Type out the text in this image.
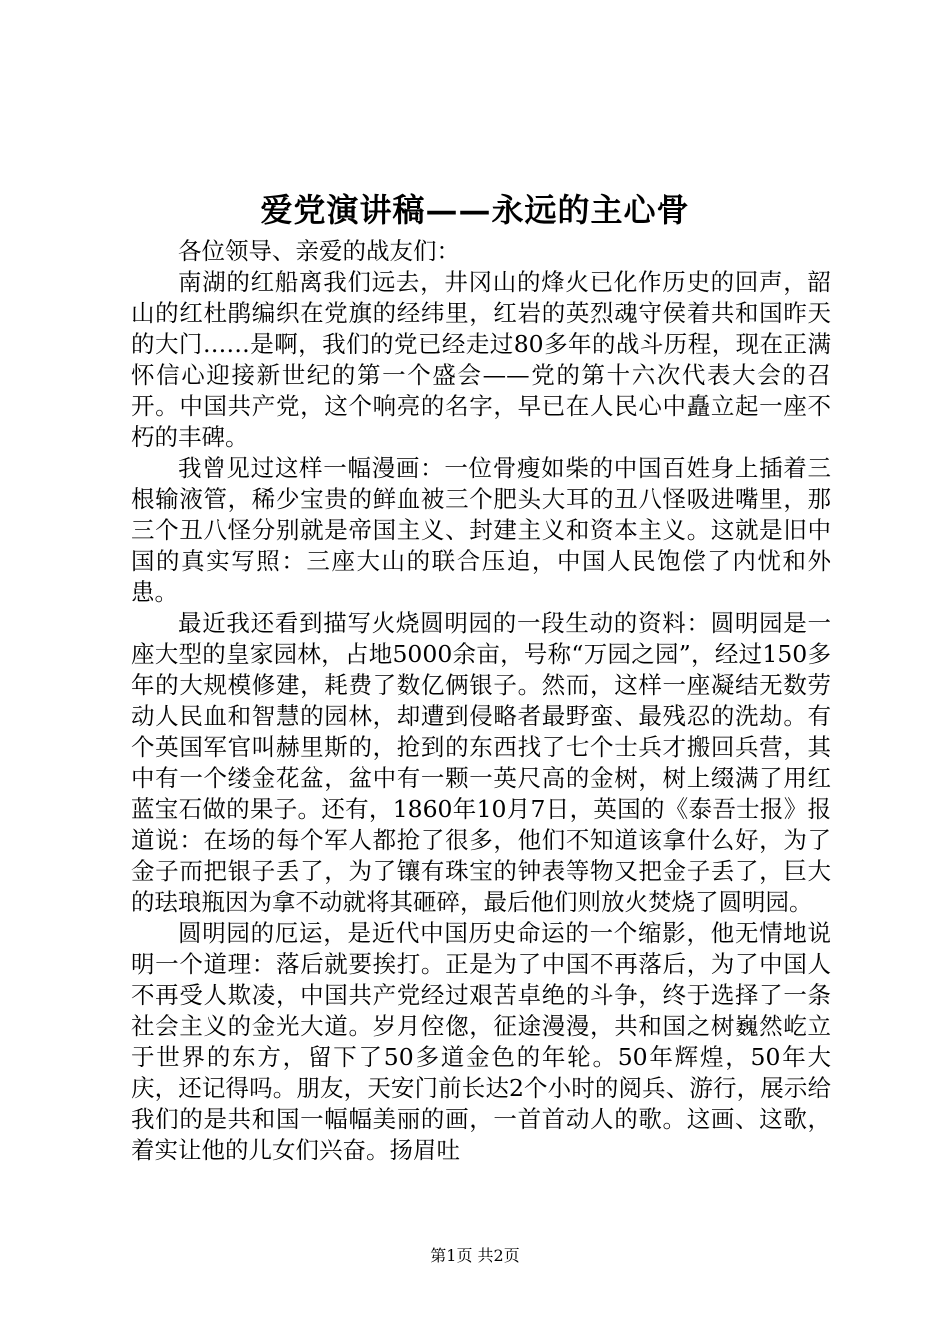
爱党演讲稿——永远的主心骨

各位领导、亲爱的战友们：

南湖的红船离我们远去，井冈山的烽火已化作历史的回声，韶山的红杜鹃编织在党旗的经纬里，红岩的英烈魂守侯着共和国昨天的大门……是啊，我们的党已经走过80多年的战斗历程，现在正满怀信心迎接新世纪的第一个盛会——党的第十六次代表大会的召开。中国共产党，这个响亮的名字，早已在人民心中矗立起一座不朽的丰碑。

我曾见过这样一幅漫画：一位骨瘦如柴的中国百姓身上插着三根输液管，稀少宝贵的鲜血被三个肥头大耳的丑八怪吸进嘴里，那三个丑八怪分别就是帝国主义、封建主义和资本主义。这就是旧中国的真实写照：三座大山的联合压迫，中国人民饱偿了内忧和外患。

最近我还看到描写火烧圆明园的一段生动的资料：圆明园是一座大型的皇家园林，占地5000余亩，号称“万园之园”，经过150多年的大规模修建，耗费了数亿俩银子。然而，这样一座凝结无数劳动人民血和智慧的园林，却遭到侵略者最野蛮、最残忍的洗劫。有个英国军官叫赫里斯的，抢到的东西找了七个士兵才搬回兵营，其中有一个缕金花盆，盆中有一颗一英尺高的金树，树上缀满了用红蓝宝石做的果子。还有，1860年10月7日，英国的《泰吾士报》报道说：在场的每个军人都抢了很多，他们不知道该拿什么好，为了金子而把银子丢了，为了镶有珠宝的钟表等物又把金子丢了，巨大的珐琅瓶因为拿不动就将其砸碎，最后他们则放火焚烧了圆明园。

圆明园的厄运，是近代中国历史命运的一个缩影，他无情地说明一个道理：落后就要挨打。正是为了中国不再落后，为了中国人不再受人欺凌，中国共产党经过艰苦卓绝的斗争，终于选择了一条社会主义的金光大道。岁月倥偬，征途漫漫，共和国之树巍然屹立于世界的东方，留下了50多道金色的年轮。50年辉煌，50年大庆，还记得吗。朋友，天安门前长达2个小时的阅兵、游行，展示给我们的是共和国一幅幅美丽的画，一首首动人的歌。这画、这歌，着实让他的儿女们兴奋。扬眉吐

第1页 共2页
